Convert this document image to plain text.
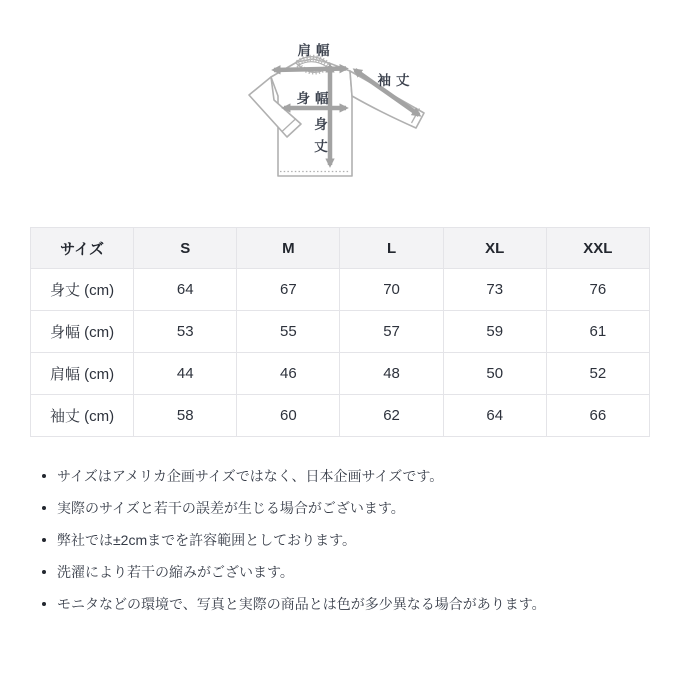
肩幅
袖丈
身幅
身
丈
サイズ	S	M	L	XL	XXL
身丈 (cm)	64	67	70	73	76
身幅 (cm)	53	55	57	59	61
肩幅 (cm)	44	46	48	50	52
袖丈 (cm)	58	60	62	64	66
サイズはアメリカ企画サイズではなく、日本企画サイズです。
実際のサイズと若干の誤差が生じる場合がございます。
弊社では±2cmまでを許容範囲としております。
洗濯により若干の縮みがございます。
モニタなどの環境で、写真と実際の商品とは色が多少異なる場合があります。
